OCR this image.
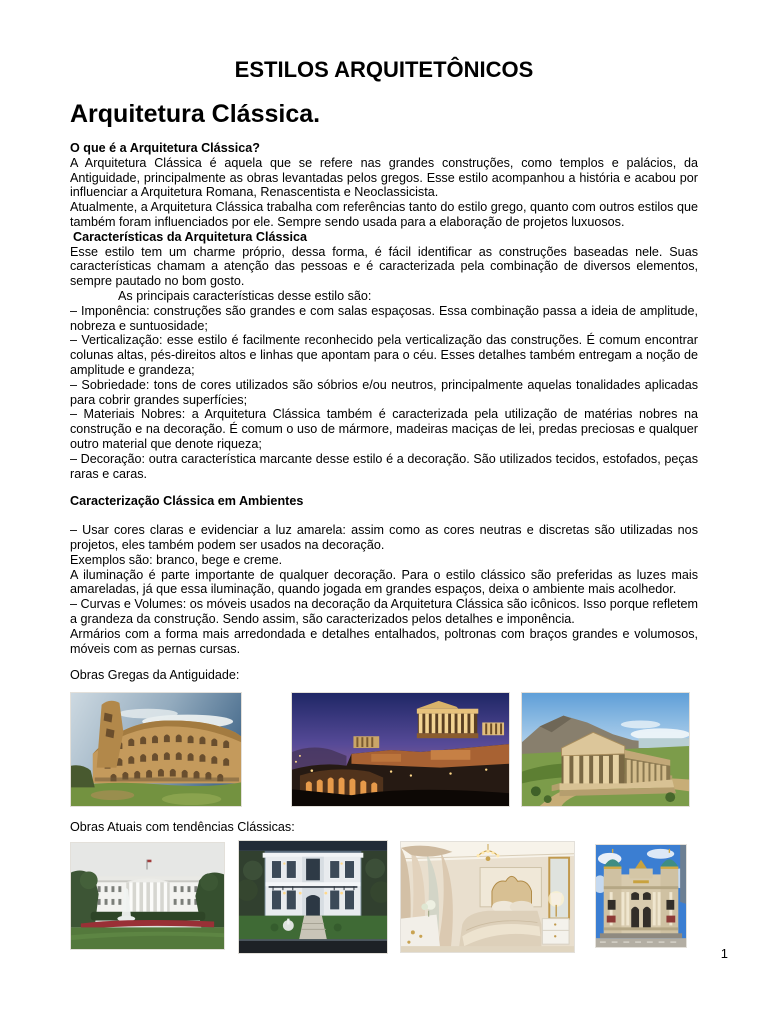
ESTILOS ARQUITETÔNICOS
Arquitetura Clássica.

O que é a Arquitetura Clássica?

A Arquitetura Clássica é aquela que se refere nas grandes construções, como templos e palácios, da Antiguidade, principalmente as obras levantadas pelos gregos. Esse estilo acompanhou a história e acabou por influenciar a Arquitetura Romana, Renascentista e Neoclassicista.

Atualmente, a Arquitetura Clássica trabalha com referências tanto do estilo grego, quanto com outros estilos que também foram influenciados por ele. Sempre sendo usada para a elaboração de projetos luxuosos.

Características da Arquitetura Clássica

Esse estilo tem um charme próprio, dessa forma, é fácil identificar as construções baseadas nele. Suas características chamam a atenção das pessoas e é caracterizada pela combinação de diversos elementos, sempre pautado no bom gosto.

As principais características desse estilo são:

– Imponência: construções são grandes e com salas espaçosas. Essa combinação passa a ideia de amplitude, nobreza e suntuosidade;

– Verticalização: esse estilo é facilmente reconhecido pela verticalização das construções. É comum encontrar colunas altas, pés-direitos altos e linhas que apontam para o céu. Esses detalhes também entregam a noção de amplitude e grandeza;

– Sobriedade: tons de cores utilizados são sóbrios e/ou neutros, principalmente aquelas tonalidades aplicadas para cobrir grandes superfícies;

– Materiais Nobres: a Arquitetura Clássica também é caracterizada pela utilização de matérias nobres na construção e na decoração. É comum o uso de mármore, madeiras maciças de lei, predas preciosas e qualquer outro material que denote riqueza;

– Decoração: outra característica marcante desse estilo é a decoração. São utilizados tecidos, estofados, peças raras e caras.

Caracterização Clássica em Ambientes

– Usar cores claras e evidenciar a luz amarela: assim como as cores neutras e discretas são utilizadas nos projetos, eles também podem ser usados na decoração.

Exemplos são: branco, bege e creme.

A iluminação é parte importante de qualquer decoração. Para o estilo clássico são preferidas as luzes mais amareladas, já que essa iluminação, quando jogada em grandes espaços, deixa o ambiente mais acolhedor.

– Curvas e Volumes: os móveis usados na decoração da Arquitetura Clássica são icônicos. Isso porque refletem a grandeza da construção. Sendo assim, são caracterizados pelos detalhes e imponência.

Armários com a forma mais arredondada e detalhes entalhados, poltronas com braços grandes e volumosos, móveis com as pernas cursas.

Obras Gregas da Antiguidade:

Obras Atuais com tendências Clássicas:

1
